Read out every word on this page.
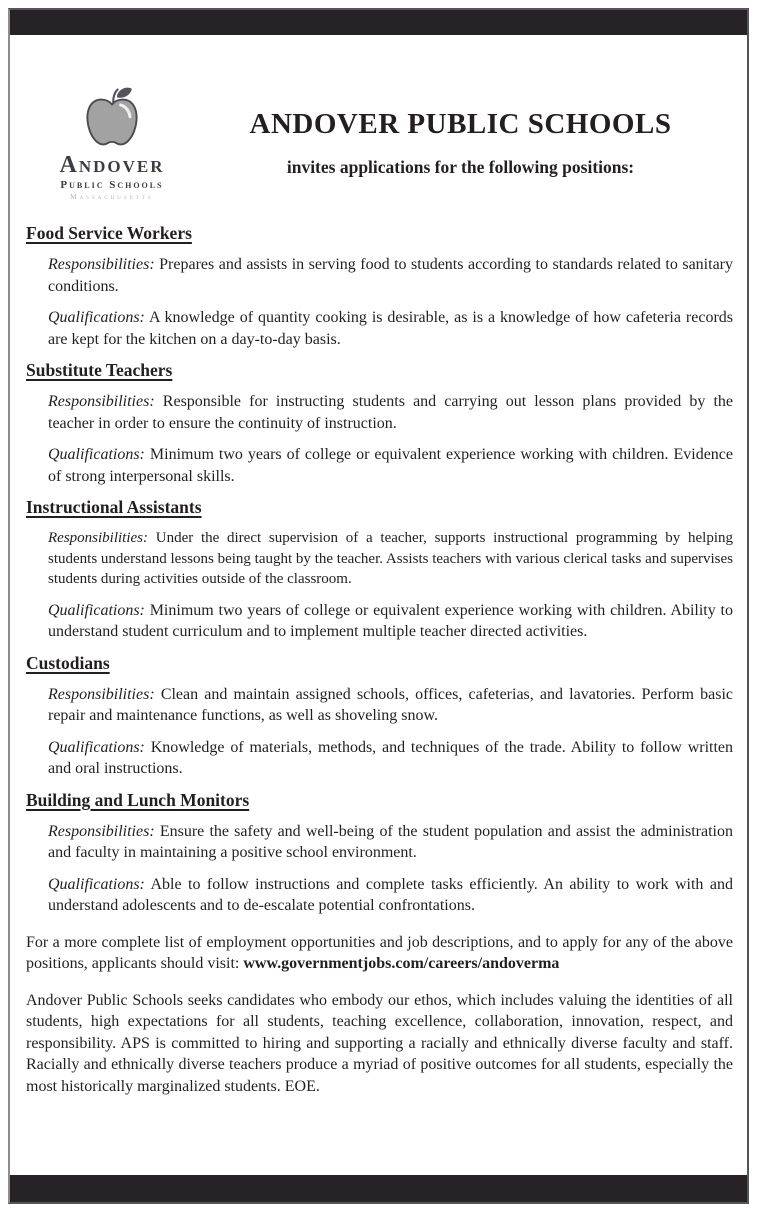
Andover
Public Schools
Massachusetts
ANDOVER PUBLIC SCHOOLS
invites applications for the following positions:
Food Service Workers

Responsibilities: Prepares and assists in serving food to students according to standards related to sanitary conditions.

Qualifications: A knowledge of quantity cooking is desirable, as is a knowledge of how cafeteria records are kept for the kitchen on a day-to-day basis.

Substitute Teachers

Responsibilities: Responsible for instructing students and carrying out lesson plans provided by the teacher in order to ensure the continuity of instruction.

Qualifications: Minimum two years of college or equivalent experience working with children. Evidence of strong interpersonal skills.

Instructional Assistants

Responsibilities: Under the direct supervision of a teacher, supports instructional programming by helping students understand lessons being taught by the teacher. Assists teachers with various clerical tasks and supervises students during activities outside of the classroom.

Qualifications: Minimum two years of college or equivalent experience working with children. Ability to understand student curriculum and to implement multiple teacher directed activities.

Custodians

Responsibilities: Clean and maintain assigned schools, offices, cafeterias, and lavatories. Perform basic repair and maintenance functions, as well as shoveling snow.

Qualifications: Knowledge of materials, methods, and techniques of the trade. Ability to follow written and oral instructions.

Building and Lunch Monitors

Responsibilities: Ensure the safety and well-being of the student population and assist the administration and faculty in maintaining a positive school environment.

Qualifications: Able to follow instructions and complete tasks efficiently. An ability to work with and understand adolescents and to de-escalate potential confrontations.

For a more complete list of employment opportunities and job descriptions, and to apply for any of the above positions, applicants should visit: www.governmentjobs.com/careers/andoverma

Andover Public Schools seeks candidates who embody our ethos, which includes valuing the identities of all students, high expectations for all students, teaching excellence, collaboration, innovation, respect, and responsibility. APS is committed to hiring and supporting a racially and ethnically diverse faculty and staff. Racially and ethnically diverse teachers produce a myriad of positive outcomes for all students, especially the most historically marginalized students. EOE.
